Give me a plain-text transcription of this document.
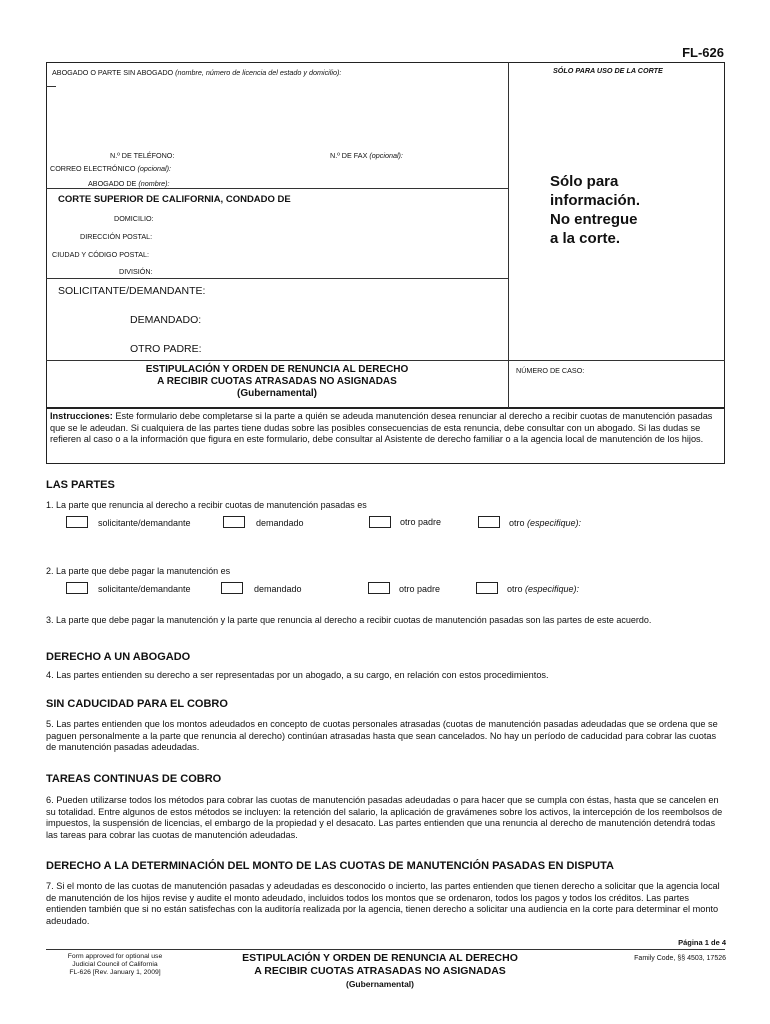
FL-626
ABOGADO O PARTE SIN ABOGADO (nombre, número de licencia del estado y domicilio):	SÓLO PARA USO DE LA CORTE
N.º DE TELÉFONO:	N.º DE FAX (opcional):
CORREO ELECTRÓNICO (opcional):
ABOGADO DE (nombre):
CORTE SUPERIOR DE CALIFORNIA, CONDADO DE
DOMICILIO:
DIRECCIÓN POSTAL:
CIUDAD Y CÓDIGO POSTAL:
DIVISIÓN:
SOLICITANTE/DEMANDANTE:
DEMANDADO:
OTRO PADRE:
Sólo para
información.
No entregue
a la corte.
ESTIPULACIÓN Y ORDEN DE RENUNCIA AL DERECHO
A RECIBIR CUOTAS ATRASADAS NO ASIGNADAS
(Gubernamental)
NÚMERO DE CASO:
Instrucciones: Este formulario debe completarse si la parte a quién se adeuda manutención desea renunciar al derecho a recibir cuotas de manutención pasadas que se le adeudan. Si cualquiera de las partes tiene dudas sobre las posibles consecuencias de esta renuncia, debe consultar con un abogado. Si las dudas se refieren al caso o a la información que figura en este formulario, debe consultar al Asistente de derecho familiar o a la agencia local de manutención de los hijos.
LAS PARTES
1. La parte que renuncia al derecho a recibir cuotas de manutención pasadas es
solicitante/demandante	demandado	otro padre	otro (especifique):
2. La parte que debe pagar la manutención es
solicitante/demandante	demandado	otro padre	otro (especifique):
3. La parte que debe pagar la manutención y la parte que renuncia al derecho a recibir cuotas de manutención pasadas son las partes de este acuerdo.
DERECHO A UN ABOGADO
4. Las partes entienden su derecho a ser representadas por un abogado, a su cargo, en relación con estos procedimientos.
SIN CADUCIDAD PARA EL COBRO
5. Las partes entienden que los montos adeudados en concepto de cuotas personales atrasadas (cuotas de manutención pasadas adeudadas que se ordena que se paguen personalmente a la parte que renuncia al derecho) continúan atrasadas hasta que sean cancelados. No hay un período de caducidad para cobrar las cuotas de manutención pasadas adeudadas.
TAREAS CONTINUAS DE COBRO
6. Pueden utilizarse todos los métodos para cobrar las cuotas de manutención pasadas adeudadas o para hacer que se cumpla con éstas, hasta que se cancelen en su totalidad. Entre algunos de estos métodos se incluyen: la retención del salario, la aplicación de gravámenes sobre los activos, la intercepción de los reembolsos de impuestos, la suspensión de licencias, el embargo de la propiedad y el desacato. Las partes entienden que una renuncia al derecho de manutención detendrá todas las tareas para cobrar las cuotas de manutención adeudadas.
DERECHO A LA DETERMINACIÓN DEL MONTO DE LAS CUOTAS DE MANUTENCIÓN PASADAS EN DISPUTA
7. Si el monto de las cuotas de manutención pasadas y adeudadas es desconocido o incierto, las partes entienden que tienen derecho a solicitar que la agencia local de manutención de los hijos revise y audite el monto adeudado, incluidos todos los montos que se ordenaron, todos los pagos y todos los créditos. Las partes entienden también que si no están satisfechas con la auditoría realizada por la agencia, tienen derecho a solicitar una audiencia en la corte para determinar el monto adeudado.
Página 1 de 4
Form approved for optional use
Judicial Council of California
FL-626 [Rev. January 1, 2009]
ESTIPULACIÓN Y ORDEN DE RENUNCIA AL DERECHO
A RECIBIR CUOTAS ATRASADAS NO ASIGNADAS
(Gubernamental)
Family Code, §§ 4503, 17526
